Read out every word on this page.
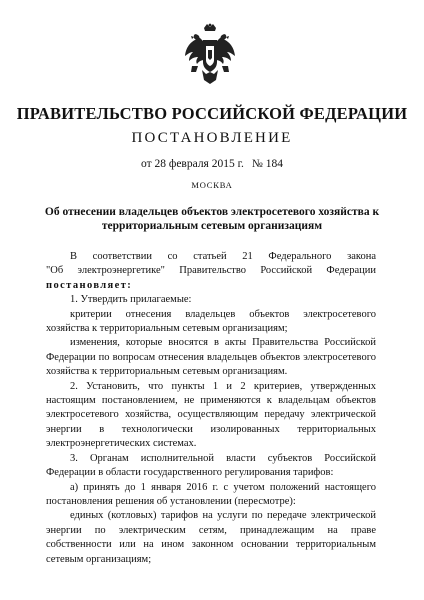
ПРАВИТЕЛЬСТВО РОССИЙСКОЙ ФЕДЕРАЦИИ
ПОСТАНОВЛЕНИЕ
от 28 февраля 2015 г. № 184
МОСКВА
Об отнесении владельцев объектов электросетевого хозяйства к территориальным сетевым организациям

В соответствии со статьей 21 Федерального закона

"Об электроэнергетике" Правительство Российской Федерации

постановляет:

1. Утвердить прилагаемые:

критерии отнесения владельцев объектов электросетевого хозяйства к территориальным сетевым организациям;

изменения, которые вносятся в акты Правительства Российской Федерации по вопросам отнесения владельцев объектов электросетевого хозяйства к территориальным сетевым организациям.

2. Установить, что пункты 1 и 2 критериев, утвержденных настоящим постановлением, не применяются к владельцам объектов электросетевого хозяйства, осуществляющим передачу электрической энергии в технологически изолированных территориальных электроэнергетических системах.

3. Органам исполнительной власти субъектов Российской Федерации в области государственного регулирования тарифов:

а) принять до 1 января 2016 г. с учетом положений настоящего постановления решения об установлении (пересмотре):

единых (котловых) тарифов на услуги по передаче электрической энергии по электрическим сетям, принадлежащим на праве собственности или на ином законном основании территориальным сетевым организациям;
